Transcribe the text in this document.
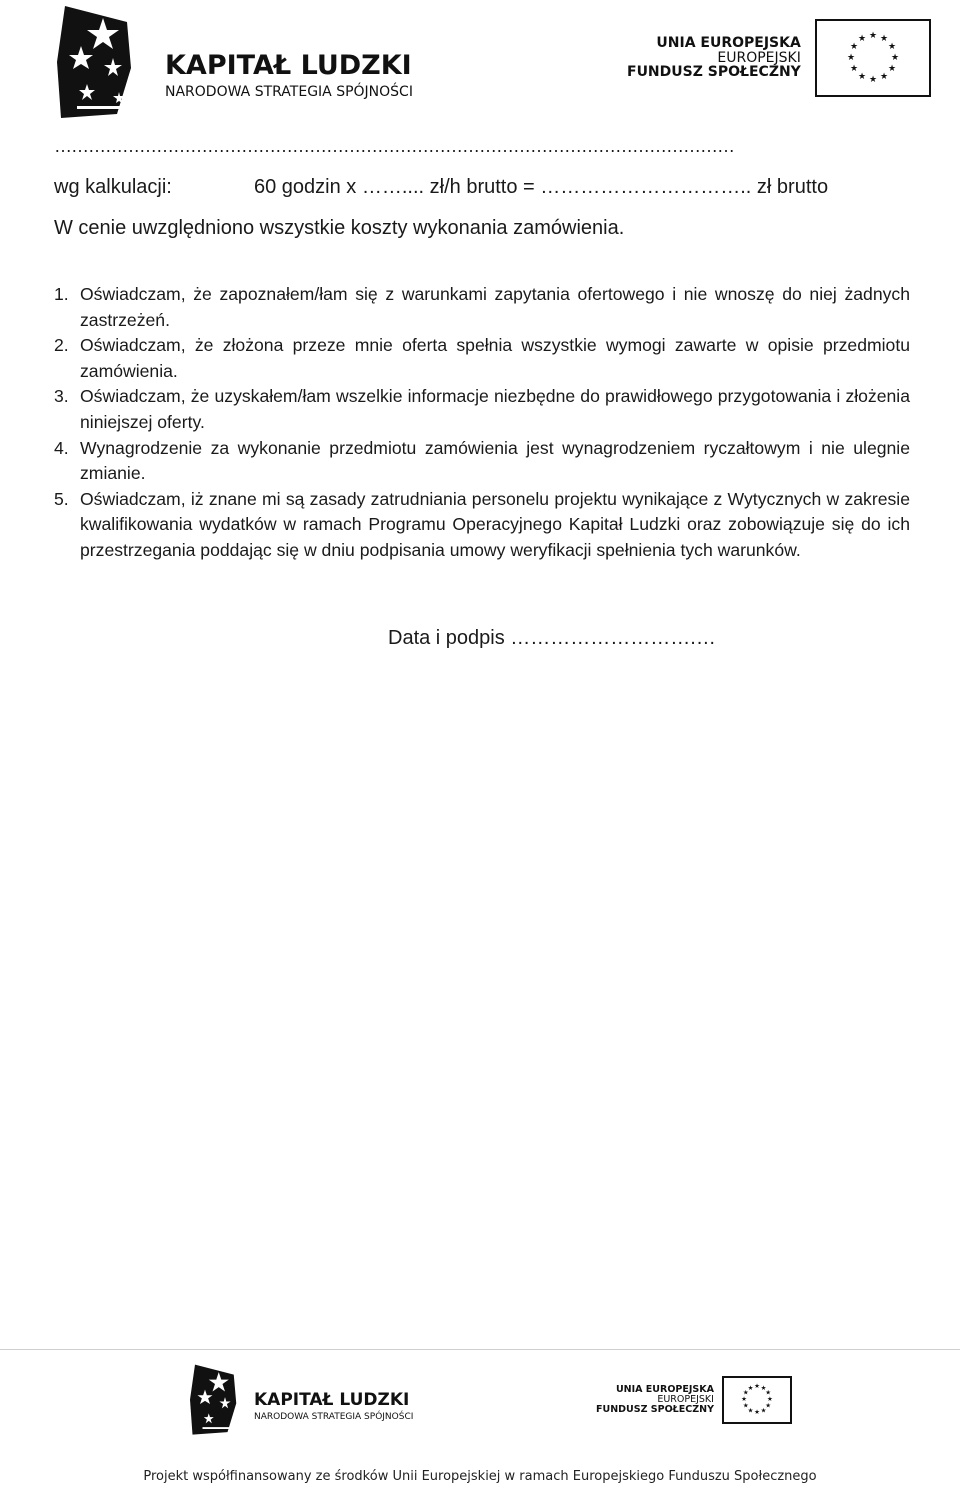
KAPITAŁ LUDZKI
NARODOWA STRATEGIA SPÓJNOŚCI
UNIA EUROPEJSKA
EUROPEJSKI
FUNDUSZ SPOŁECZNY
★ ★
★
★
★
★
★
★
★
★
★
★
…………………………………………………………………………………………………………
wg kalkulacji:	60 godzin x …….... zł/h brutto = ………………………….. zł brutto
W cenie uwzględniono wszystkie koszty wykonania zamówienia.
1. Oświadczam, że zapoznałem/łam się z warunkami zapytania ofertowego i nie wnoszę do niej żadnych zastrzeżeń.
2. Oświadczam, że złożona przeze mnie oferta spełnia wszystkie wymogi zawarte w opisie przedmiotu zamówienia.
3. Oświadczam, że uzyskałem/łam wszelkie informacje niezbędne do prawidłowego przygotowania i złożenia niniejszej oferty.
4. Wynagrodzenie za wykonanie przedmiotu zamówienia jest wynagrodzeniem ryczałtowym i nie ulegnie zmianie.
5. Oświadczam, iż znane mi są zasady zatrudniania personelu projektu wynikające z Wytycznych w zakresie kwalifikowania wydatków w ramach Programu Operacyjnego Kapitał Ludzki oraz zobowiązuje się do ich przestrzegania poddając się w dniu podpisania umowy weryfikacji spełnienia tych warunków.
Data i podpis ……………………….…
KAPITAŁ LUDZKI
NARODOWA STRATEGIA SPÓJNOŚCI
UNIA EUROPEJSKA
EUROPEJSKI
FUNDUSZ SPOŁECZNY
★ ★
★
★
★
★
★
★
★
★
★
★
Projekt współfinansowany ze środków Unii Europejskiej w ramach Europejskiego Funduszu Społecznego
